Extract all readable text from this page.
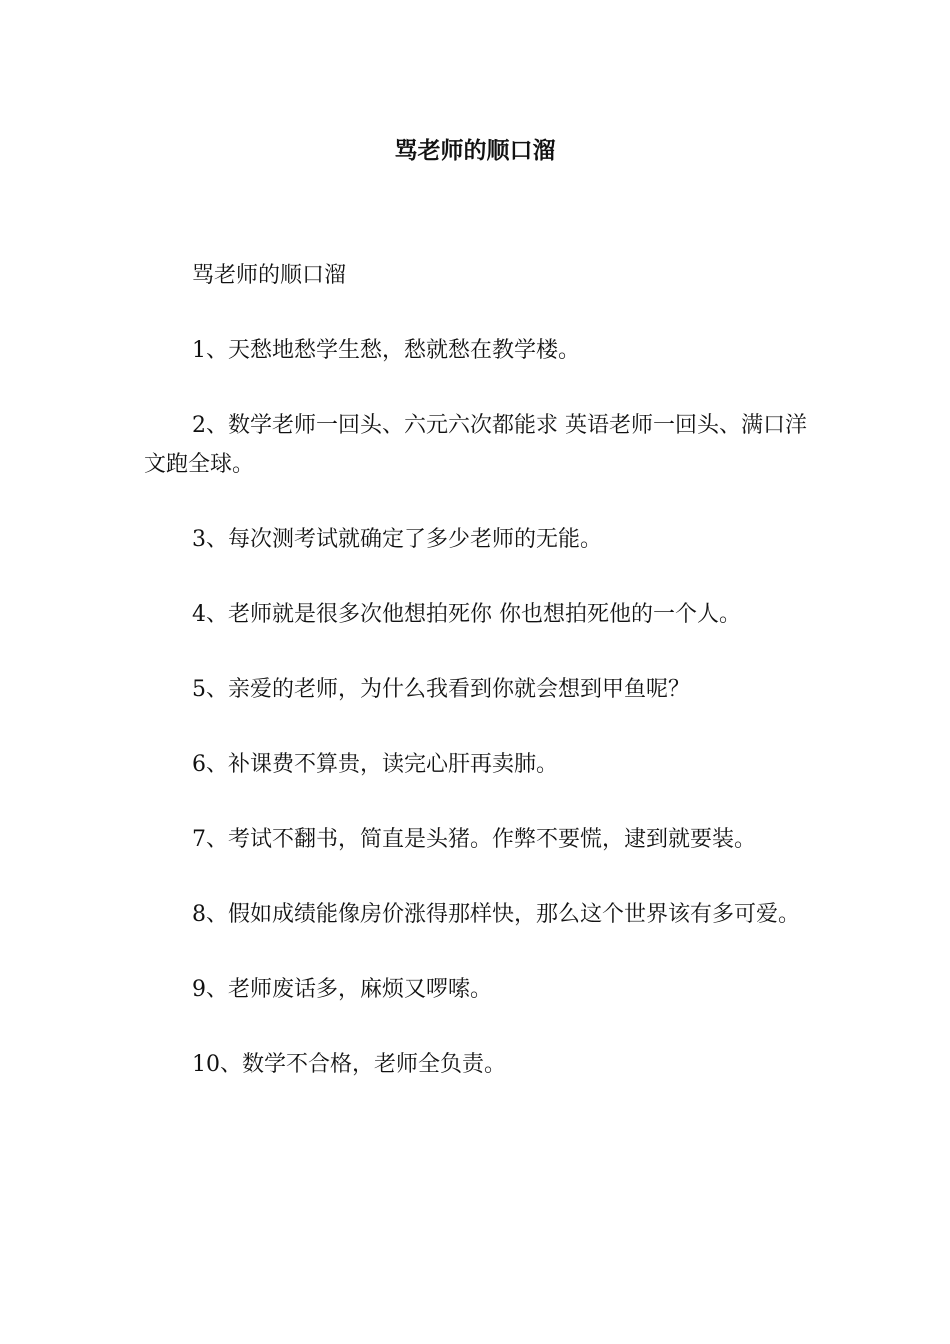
骂老师的顺口溜

骂老师的顺口溜

1、天愁地愁学生愁，愁就愁在教学楼。

2、数学老师一回头、六元六次都能求 英语老师一回头、满口洋文跑全球。

3、每次测考试就确定了多少老师的无能。

4、老师就是很多次他想拍死你 你也想拍死他的一个人。

5、亲爱的老师，为什么我看到你就会想到甲鱼呢？

6、补课费不算贵，读完心肝再卖肺。

7、考试不翻书，简直是头猪。作弊不要慌，逮到就要装。

8、假如成绩能像房价涨得那样快，那么这个世界该有多可爱。

9、老师废话多，麻烦又啰嗦。

10、数学不合格，老师全负责。
